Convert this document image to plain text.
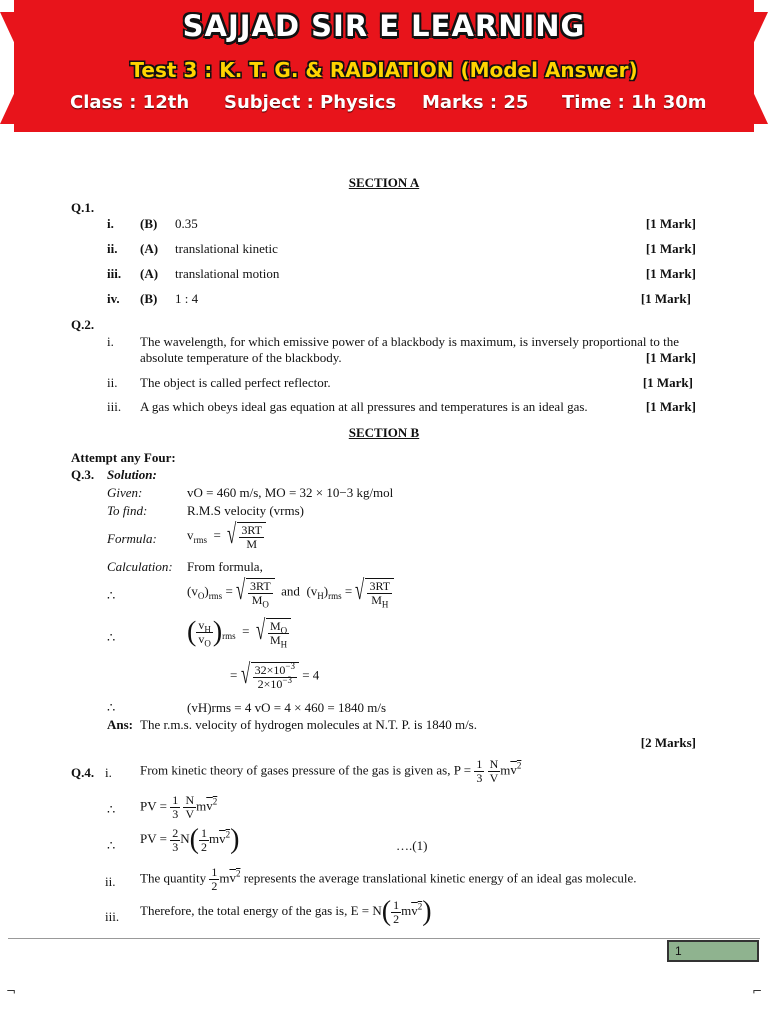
SAJJAD SIR E LEARNING
Test 3 : K. T. G. & RADIATION (Model Answer)
Class : 12th Subject : Physics Marks : 25 Time : 1h 30m
SECTION A
Q.1.
i. (B) 0.35	[1 Mark]
ii. (A) translational kinetic	[1 Mark]
iii. (A) translational motion	[1 Mark]
iv. (B) 1 : 4	[1 Mark]
Q.2.
i. The wavelength, for which emissive power of a blackbody is maximum, is inversely proportional to the
absolute temperature of the blackbody.	[1 Mark]
ii. The object is called perfect reflector.	[1 Mark]
iii. A gas which obeys ideal gas equation at all pressures and temperatures is an ideal gas.	[1 Mark]
SECTION B
Attempt any Four:
Q.3. Solution:
Given:	vO = 460 m/s, MO = 32 × 10−3 kg/mol
To find:	R.M.S velocity (vrms)
Formula: $v_{rms}$  = √ $\frac{3RT}{M}$
Calculation: From formula,
∴	$(v_O)_{rms}$ = √ $\frac{3RT}{M_O}$ and  $(v_H)_{rms}$ = √ $\frac{3RT}{M_H}$
∴	( $\frac{v_H}{v_O} )_{rms}$  = √ $\frac{M_O}{M_H}$
= √ $\frac{32\times 10^{-3}}{2\times 10^{-3}} = 4$
∴	(vH)rms = 4 vO = 4 × 460 = 1840 m/s
Ans: The r.m.s. velocity of hydrogen molecules at N.T. P. is 1840 m/s.
[2 Marks]
Q.4. i. From kinetic theory of gases pressure of the gas is given as, $P = \frac{1}{3}$
$\frac{N}{V} mv^2$
∴ PV = $\frac{1}{3}$
$\frac{N}{V} mv^2$
∴ PV = $\frac{2}{3} N( \frac{1}{2} mv^2)$	….(1)
ii. The quantity $\frac{1}{2} mv^2$ represents the average translational kinetic energy of an ideal gas molecule.
iii. Therefore, the total energy of the gas is, $E = N( \frac{1}{2} mv^2)$
1
¬	⌐
